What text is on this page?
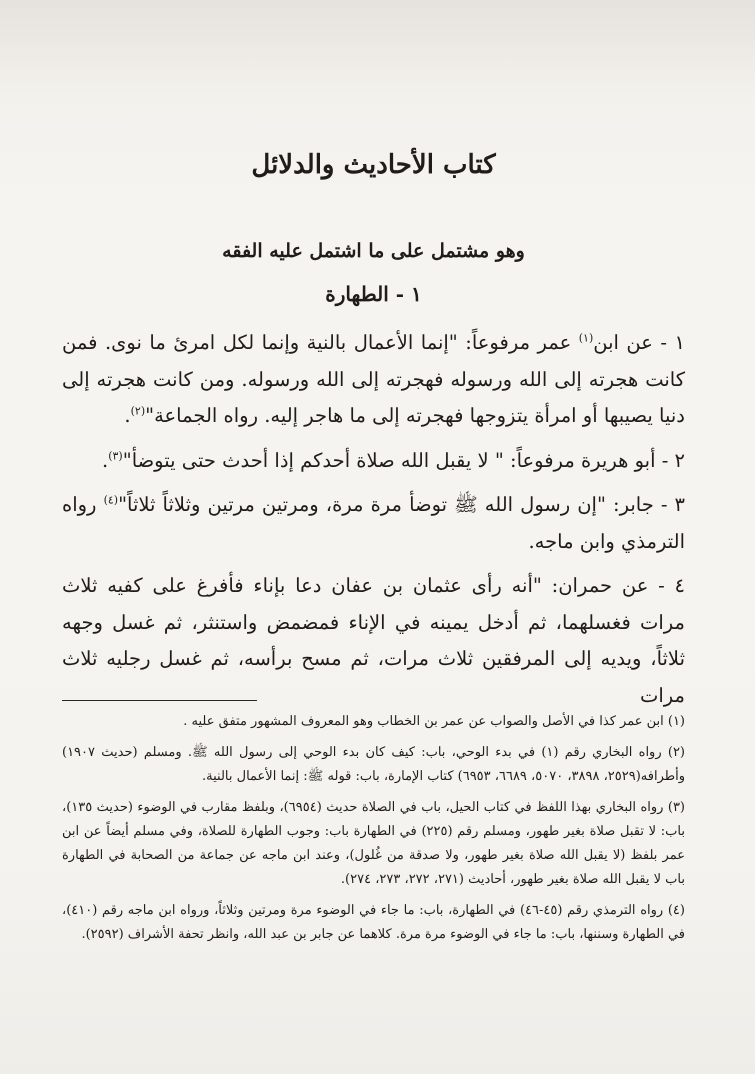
كتاب الأحاديث والدلائل
وهو مشتمل على ما اشتمل عليه الفقه
١ - الطهارة

١ - عن ابن$^{(١)}$ عمر مرفوعاً: "إنما الأعمال بالنية وإنما لكل امرئ ما نوى. فمن كانت هجرته إلى الله ورسوله فهجرته إلى الله ورسوله. ومن كانت هجرته إلى دنيا يصيبها أو امرأة يتزوجها فهجرته إلى ما هاجر إليه. رواه الجماعة"$^{(٢)}$.

٢ - أبو هريرة مرفوعاً: " لا يقبل الله صلاة أحدكم إذا أحدث حتى يتوضأ"$^{(٣)}$.

٣ - جابر: "إن رسول الله ﷺ توضأ مرة مرة، ومرتين مرتين وثلاثاً ثلاثاً"$^{(٤)}$ رواه الترمذي وابن ماجه.

٤ - عن حمران: "أنه رأى عثمان بن عفان دعا بإناء فأفرغ على كفيه ثلاث مرات فغسلهما، ثم أدخل يمينه في الإناء فمضمض واستنثر، ثم غسل وجهه ثلاثاً، ويديه إلى المرفقين ثلاث مرات، ثم مسح برأسه، ثم غسل رجليه ثلاث مرات

(١) ابن عمر كذا في الأصل والصواب عن عمر بن الخطاب وهو المعروف المشهور متفق عليه .

(٢) رواه البخاري رقم (١) في بدء الوحي، باب: كيف كان بدء الوحي إلى رسول الله ﷺ. ومسلم (حديث ١٩٠٧) وأطرافه(٢٥٢٩، ٣٨٩٨، ٥٠٧٠، ٦٦٨٩، ٦٩٥٣) كتاب الإمارة، باب: قوله ﷺ: إنما الأعمال بالنية.

(٣) رواه البخاري بهذا اللفظ في كتاب الحيل، باب في الصلاة حديث (٦٩٥٤)، وبلفظ مقارب في الوضوء (حديث ١٣٥)، باب: لا تقبل صلاة بغير طهور، ومسلم رقم (٢٢٥) في الطهارة باب: وجوب الطهارة للصلاة، وفي مسلم أيضاً عن ابن عمر بلفظ (لا يقبل الله صلاة بغير طهور، ولا صدقة من غُلول)، وعند ابن ماجه عن جماعة من الصحابة في الطهارة باب لا يقبل الله صلاة بغير طهور، أحاديث (٢٧١، ٢٧٢، ٢٧٣، ٢٧٤).

(٤) رواه الترمذي رقم (٤٥-٤٦) في الطهارة، باب: ما جاء في الوضوء مرة ومرتين وثلاثاً، ورواه ابن ماجه رقم (٤١٠)، في الطهارة وسننها، باب: ما جاء في الوضوء مرة مرة. كلاهما عن جابر بن عبد الله، وانظر تحفة الأشراف (٢٥٩٢).
